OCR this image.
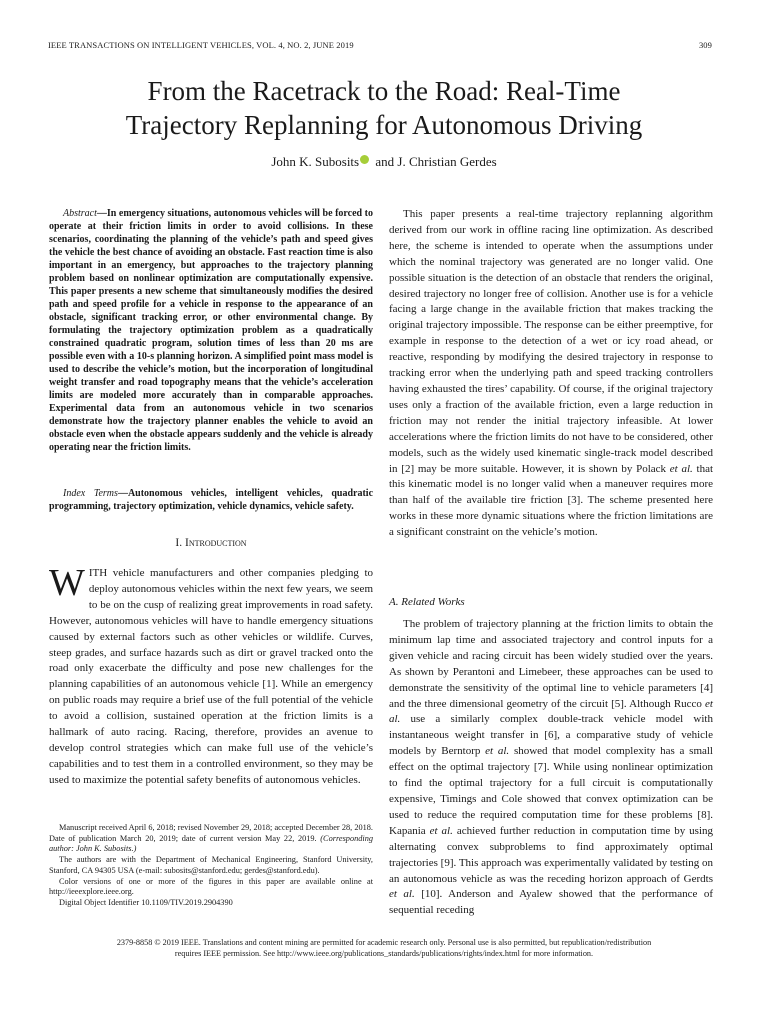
IEEE TRANSACTIONS ON INTELLIGENT VEHICLES, VOL. 4, NO. 2, JUNE 2019	309
From the Racetrack to the Road: Real-Time
Trajectory Replanning for Autonomous Driving
John K. Subosits and J. Christian Gerdes

Abstract—In emergency situations, autonomous vehicles will be forced to operate at their friction limits in order to avoid collisions. In these scenarios, coordinating the planning of the vehicle’s path and speed gives the vehicle the best chance of avoiding an obstacle. Fast reaction time is also important in an emergency, but approaches to the trajectory planning problem based on nonlinear optimization are computationally expensive. This paper presents a new scheme that simultaneously modifies the desired path and speed profile for a vehicle in response to the appearance of an obstacle, significant tracking error, or other environmental change. By formulating the trajectory optimization problem as a quadratically constrained quadratic program, solution times of less than 20 ms are possible even with a 10-s planning horizon. A simplified point mass model is used to describe the vehicle’s motion, but the incorporation of longitudinal weight transfer and road topography means that the vehicle’s acceleration limits are modeled more accurately than in comparable approaches. Experimental data from an autonomous vehicle in two scenarios demonstrate how the trajectory planner enables the vehicle to avoid an obstacle even when the obstacle appears suddenly and the vehicle is already operating near the friction limits.

Index Terms—Autonomous vehicles, intelligent vehicles, quadratic programming, trajectory optimization, vehicle dynamics, vehicle safety.

I. Introduction

WITH vehicle manufacturers and other companies pledging to deploy autonomous vehicles within the next few years, we seem to be on the cusp of realizing great improvements in road safety. However, autonomous vehicles will have to handle emergency situations caused by external factors such as other vehicles or wildlife. Curves, steep grades, and surface hazards such as dirt or gravel tracked onto the road only exacerbate the difficulty and pose new challenges for the planning capabilities of an autonomous vehicle [1]. While an emergency on public roads may require a brief use of the full potential of the vehicle to avoid a collision, sustained operation at the friction limits is a hallmark of auto racing. Racing, therefore, provides an avenue to develop control strategies which can make full use of the vehicle’s capabilities and to test them in a controlled environment, so they may be used to maximize the potential safety benefits of autonomous vehicles.

Manuscript received April 6, 2018; revised November 29, 2018; accepted December 28, 2018. Date of publication March 20, 2019; date of current version May 22, 2019. (Corresponding author: John K. Subosits.)

The authors are with the Department of Mechanical Engineering, Stanford University, Stanford, CA 94305 USA (e-mail: subosits@stanford.edu; gerdes@stanford.edu).

Color versions of one or more of the figures in this paper are available online at http://ieeexplore.ieee.org.

Digital Object Identifier 10.1109/TIV.2019.2904390

This paper presents a real-time trajectory replanning algorithm derived from our work in offline racing line optimization. As described here, the scheme is intended to operate when the assumptions under which the nominal trajectory was generated are no longer valid. One possible situation is the detection of an obstacle that renders the original, desired trajectory no longer free of collision. Another use is for a vehicle facing a large change in the available friction that makes tracking the original trajectory impossible. The response can be either preemptive, for example in response to the detection of a wet or icy road ahead, or reactive, responding by modifying the desired trajectory in response to tracking error when the underlying path and speed tracking controllers having exhausted the tires’ capability. Of course, if the original trajectory uses only a fraction of the available friction, even a large reduction in friction may not render the initial trajectory infeasible. At lower accelerations where the friction limits do not have to be considered, other models, such as the widely used kinematic single-track model described in [2] may be more suitable. However, it is shown by Polack et al. that this kinematic model is no longer valid when a maneuver requires more than half of the available tire friction [3]. The scheme presented here works in these more dynamic situations where the friction limitations are a significant constraint on the vehicle’s motion.

A. Related Works

The problem of trajectory planning at the friction limits to obtain the minimum lap time and associated trajectory and control inputs for a given vehicle and racing circuit has been widely studied over the years. As shown by Perantoni and Limebeer, these approaches can be used to demonstrate the sensitivity of the optimal line to vehicle parameters [4] and the three dimensional geometry of the circuit [5]. Although Rucco et al. use a similarly complex double-track vehicle model with instantaneous weight transfer in [6], a comparative study of vehicle models by Berntorp et al. showed that model complexity has a small effect on the optimal trajectory [7]. While using nonlinear optimization to find the optimal trajectory for a full circuit is computationally expensive, Timings and Cole showed that convex optimization can be used to reduce the required computation time for these problems [8]. Kapania et al. achieved further reduction in computation time by using alternating convex subproblems to find approximately optimal trajectories [9]. This approach was experimentally validated by testing on an autonomous vehicle as was the receding horizon approach of Gerdts et al. [10]. Anderson and Ayalew showed that the performance of sequential receding

2379-8858 © 2019 IEEE. Translations and content mining are permitted for academic research only. Personal use is also permitted, but republication/redistribution
requires IEEE permission. See http://www.ieee.org/publications_standards/publications/rights/index.html for more information.
